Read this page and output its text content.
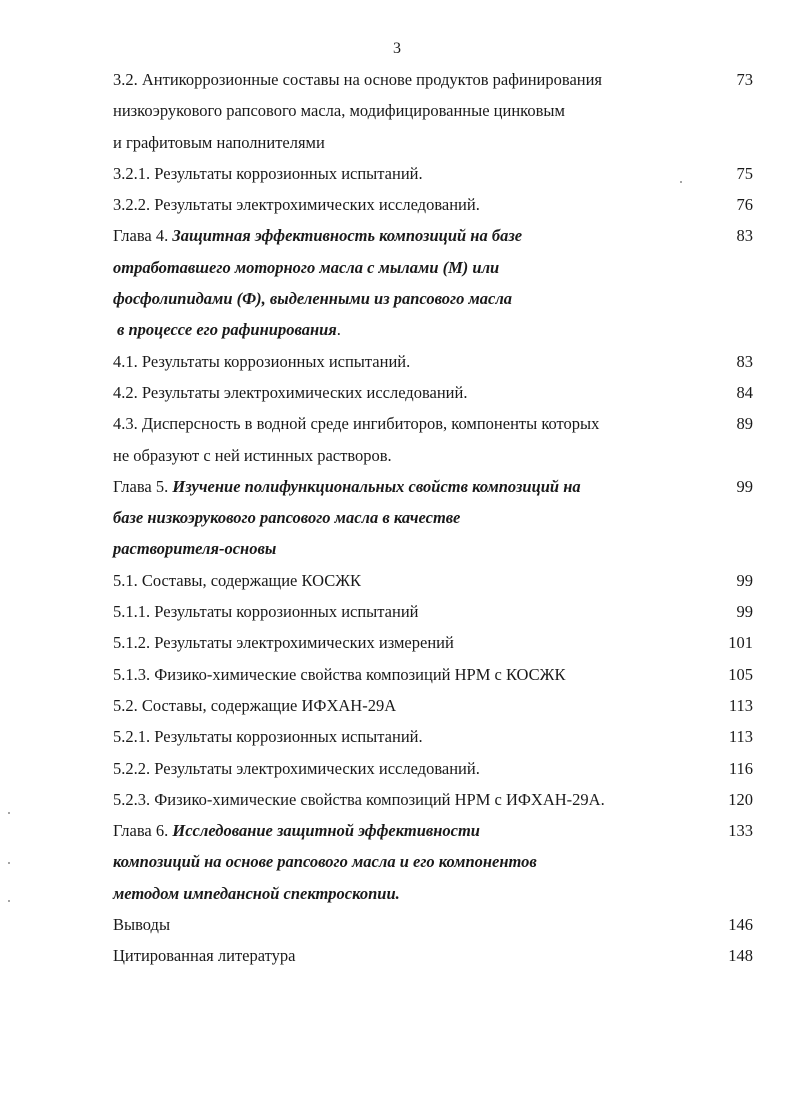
3
3.2. Антикоррозионные составы на основе продуктов рафинирования	73
низкоэрукового рапсового масла, модифицированные цинковым
и графитовым наполнителями
3.2.1. Результаты коррозионных испытаний.	75
3.2.2. Результаты электрохимических исследований.	76
Глава 4. Защитная эффективность композиций на базе	83
отработавшего моторного масла с мылами (М) или
фосфолипидами (Ф), выделенными из рапсового масла
в процессе его рафинирования.
4.1. Результаты коррозионных испытаний.	83
4.2. Результаты электрохимических исследований.	84
4.3. Дисперсность в водной среде ингибиторов, компоненты которых	89
не образуют с ней истинных растворов.
Глава 5. Изучение полифункциональных свойств композиций на	99
базе низкоэрукового рапсового масла в качестве
растворителя-основы
5.1. Составы, содержащие КОСЖК	99
5.1.1. Результаты коррозионных испытаний	99
5.1.2. Результаты электрохимических измерений	101
5.1.3. Физико-химические свойства композиций НРМ с КОСЖК	105
5.2. Составы, содержащие ИФХАН-29А	113
5.2.1. Результаты коррозионных испытаний.	113
5.2.2. Результаты электрохимических исследований.	116
5.2.3. Физико-химические свойства композиций НРМ с ИФХАН-29А.	120
Глава 6. Исследование защитной эффективности	133
композиций на основе рапсового масла и его компонентов
методом импедансной спектроскопии.
Выводы	146
Цитированная литература	148
